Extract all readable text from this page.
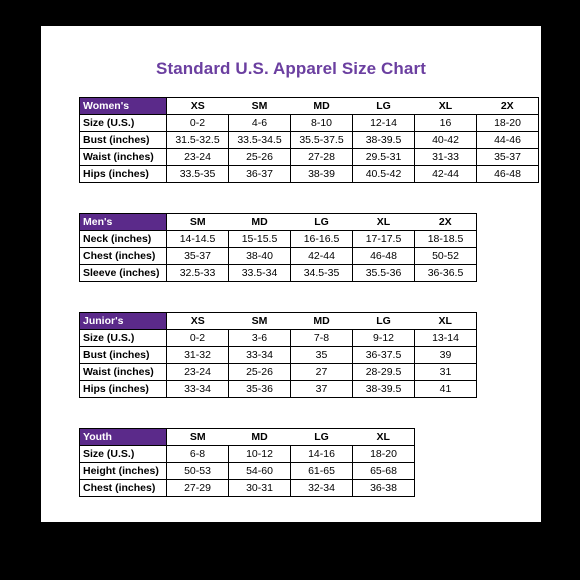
Standard U.S. Apparel Size Chart
Women's	XS	SM	MD	LG	XL	2X
Size (U.S.)	0-2	4-6	8-10	12-14	16	18-20
Bust (inches)	31.5-32.5	33.5-34.5	35.5-37.5	38-39.5	40-42	44-46
Waist (inches)	23-24	25-26	27-28	29.5-31	31-33	35-37
Hips (inches)	33.5-35	36-37	38-39	40.5-42	42-44	46-48
Men's	SM	MD	LG	XL	2X
Neck (inches)	14-14.5	15-15.5	16-16.5	17-17.5	18-18.5
Chest (inches)	35-37	38-40	42-44	46-48	50-52
Sleeve (inches)	32.5-33	33.5-34	34.5-35	35.5-36	36-36.5
Junior's	XS	SM	MD	LG	XL
Size (U.S.)	0-2	3-6	7-8	9-12	13-14
Bust (inches)	31-32	33-34	35	36-37.5	39
Waist (inches)	23-24	25-26	27	28-29.5	31
Hips (inches)	33-34	35-36	37	38-39.5	41
Youth	SM	MD	LG	XL
Size (U.S.)	6-8	10-12	14-16	18-20
Height (inches)	50-53	54-60	61-65	65-68
Chest (inches)	27-29	30-31	32-34	36-38
